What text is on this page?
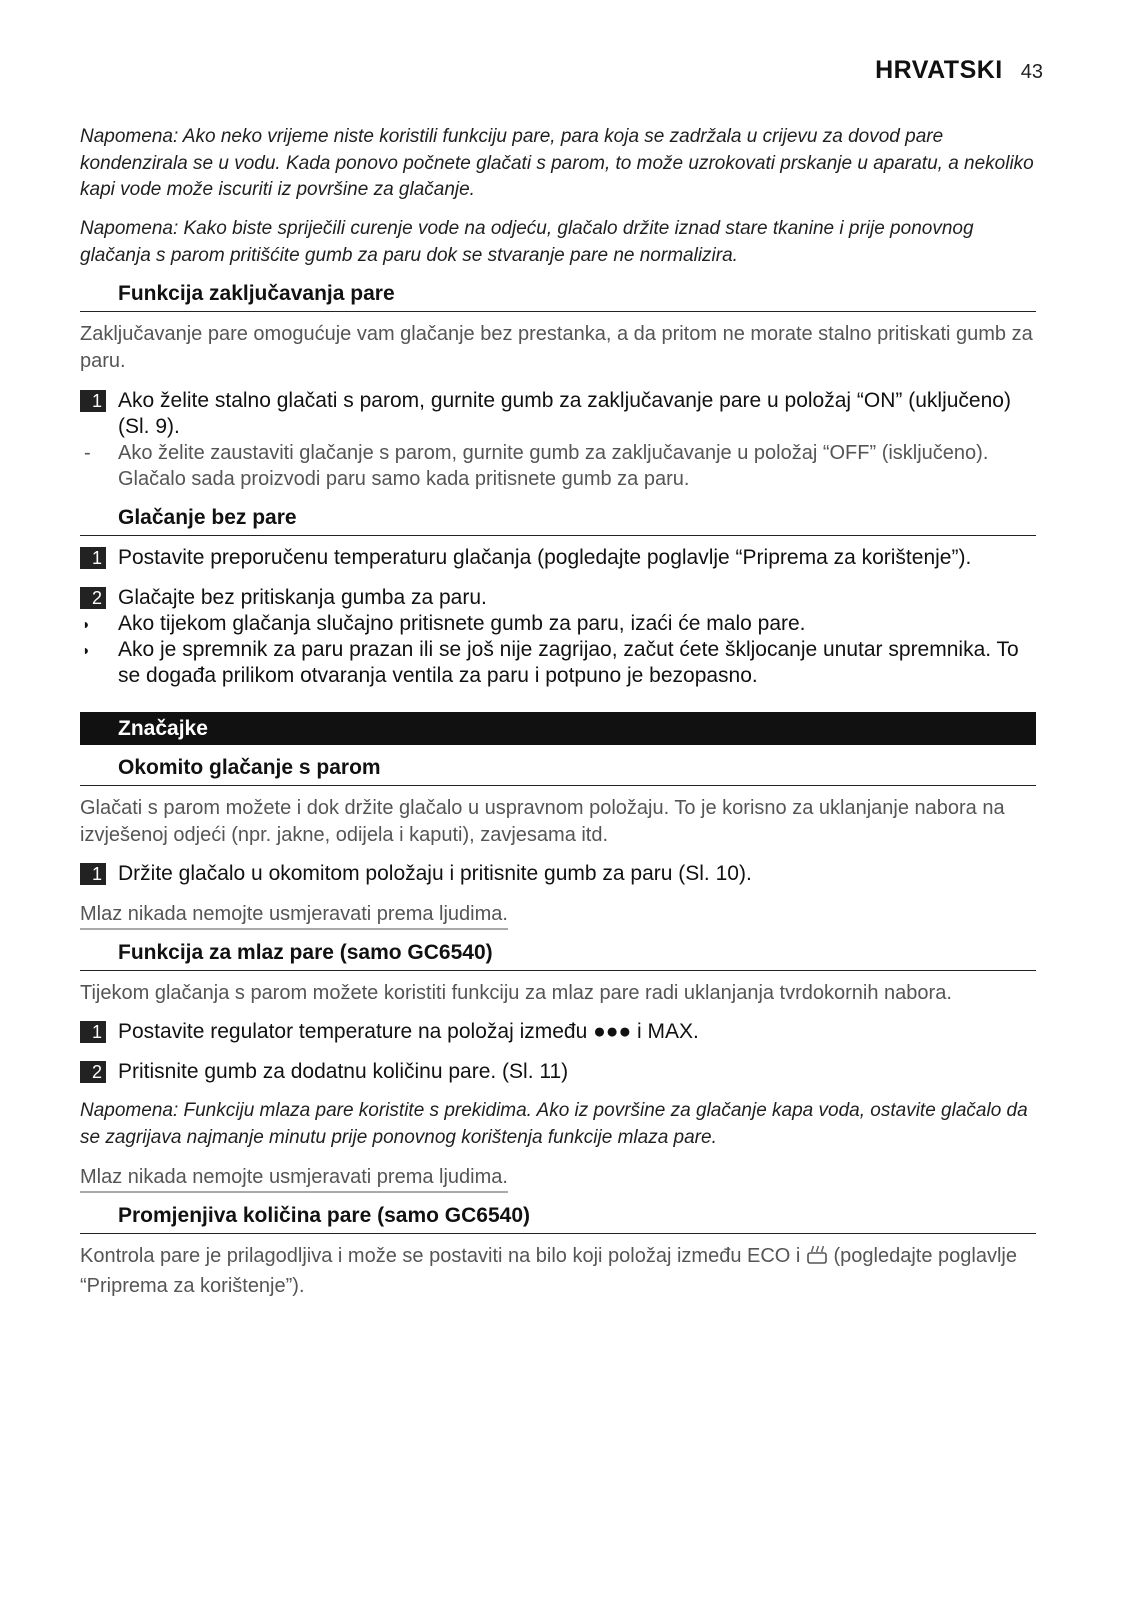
HRVATSKI 43

Napomena: Ako neko vrijeme niste koristili funkciju pare, para koja se zadržala u crijevu za dovod pare kondenzirala se u vodu. Kada ponovo počnete glačati s parom, to može uzrokovati prskanje u aparatu, a nekoliko kapi vode može iscuriti iz površine za glačanje.

Napomena: Kako biste spriječili curenje vode na odjeću, glačalo držite iznad stare tkanine i prije ponovnog glačanja s parom pritišćite gumb za paru dok se stvaranje pare ne normalizira.

Funkcija zaključavanja pare

Zaključavanje pare omogućuje vam glačanje bez prestanka, a da pritom ne morate stalno pritiskati gumb za paru.

1 Ako želite stalno glačati s parom, gurnite gumb za zaključavanje pare u položaj “ON” (uključeno) (Sl. 9).
-	Ako želite zaustaviti glačanje s parom, gurnite gumb za zaključavanje u položaj “OFF” (isključeno). Glačalo sada proizvodi paru samo kada pritisnete gumb za paru.
Glačanje bez pare
1 Postavite preporučenu temperaturu glačanja (pogledajte poglavlje “Priprema za korištenje”).
2 Glačajte bez pritiskanja gumba za paru.
◗	Ako tijekom glačanja slučajno pritisnete gumb za paru, izaći će malo pare.
◗	Ako je spremnik za paru prazan ili se još nije zagrijao, začut ćete škljocanje unutar spremnika. To se događa prilikom otvaranja ventila za paru i potpuno je bezopasno.
Značajke
Okomito glačanje s parom

Glačati s parom možete i dok držite glačalo u uspravnom položaju. To je korisno za uklanjanje nabora na izvješenoj odjeći (npr. jakne, odijela i kaputi), zavjesama itd.

1 Držite glačalo u okomitom položaju i pritisnite gumb za paru (Sl. 10).
Mlaz nikada nemojte usmjeravati prema ljudima.
Funkcija za mlaz pare (samo GC6540)

Tijekom glačanja s parom možete koristiti funkciju za mlaz pare radi uklanjanja tvrdokornih nabora.

1 Postavite regulator temperature na položaj između ●●● i MAX.
2 Pritisnite gumb za dodatnu količinu pare. (Sl. 11)

Napomena: Funkciju mlaza pare koristite s prekidima. Ako iz površine za glačanje kapa voda, ostavite glačalo da se zagrijava najmanje minutu prije ponovnog korištenja funkcije mlaza pare.

Mlaz nikada nemojte usmjeravati prema ljudima.
Promjenjiva količina pare (samo GC6540)

Kontrola pare je prilagodljiva i može se postaviti na bilo koji položaj između ECO i (pogledajte poglavlje “Priprema za korištenje”).
